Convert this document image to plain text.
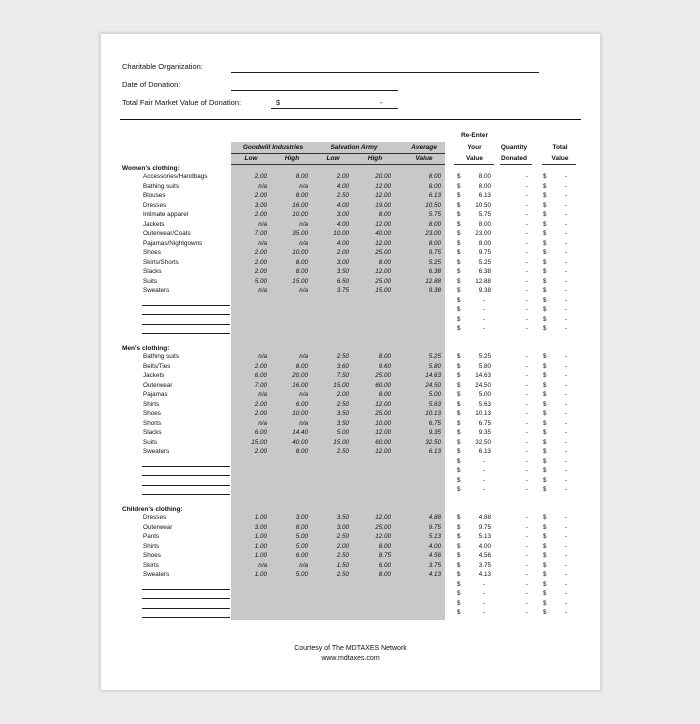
Charitable Organization:
Date of Donation:
Total Fair Market Value of Donation:	$	-
Goodwill Industries	Salvation Army	Average
Low	High	Low	High	Value
Re-Enter
Your
Value
Quantity
Donated
Total
Value
Women's clothing:
Accessories/Handbags	2.00	8.00	2.00	20.00	8.00	$	8.00	- $	-
Bathing suits	n/a	n/a	4.00	12.00	8.00	$	8.00	- $	-
Blouses	2.00	8.00	2.50	12.00	6.13	$	6.13	- $	-
Dresses	3.00	16.00	4.00	19.00	10.50	$	10.50	- $	-
Intimate apparel	2.00	10.00	3.00	8.00	5.75	$	5.75	- $	-
Jackets	n/a	n/a	4.00	12.00	8.00	$	8.00	- $	-
Outerwear/Coats	7.00	35.00	10.00	40.00	23.00	$	23.00	- $	-
Pajamas/Nightgowns	n/a	n/a	4.00	12.00	8.00	$	8.00	- $	-
Shoes	2.00	10.00	2.00	25.00	9.75	$	9.75	- $	-
Skirts/Shorts	2.00	8.00	3.00	8.00	5.25	$	5.25	- $	-
Slacks	2.00	8.00	3.50	12.00	6.38	$	6.38	- $	-
Suits	5.00	15.00	6.50	25.00	12.88	$	12.88	- $	-
Sweaters	n/a	n/a	3.75	15.00	9.38	$	9.38	- $	-
$	-	- $	-
$	-	- $	-
$	-	- $	-
$	-	- $	-
Men's clothing:
Bathing suits	n/a	n/a	2.50	8.00	5.25	$	5.25	- $	-
Belts/Ties	2.00	8.00	3.60	9.60	5.80	$	5.80	- $	-
Jackets	6.00	20.00	7.50	25.00	14.63	$	14.63	- $	-
Outerwear	7.00	16.00	15.00	60.00	24.50	$	24.50	- $	-
Pajamas	n/a	n/a	2.00	8.00	5.00	$	5.00	- $	-
Shirts	2.00	6.00	2.50	12.00	5.63	$	5.63	- $	-
Shoes	2.00	10.00	3.50	25.00	10.13	$	10.13	- $	-
Shorts	n/a	n/a	3.50	10.00	6.75	$	6.75	- $	-
Slacks	6.00	14.40	5.00	12.00	9.35	$	9.35	- $	-
Suits	15.00	40.00	15.00	60.00	32.50	$	32.50	- $	-
Sweaters	2.00	8.00	2.50	12.00	6.13	$	6.13	- $	-
$	-	- $	-
$	-	- $	-
$	-	- $	-
$	-	- $	-
Children's clothing:
Dresses	1.00	3.00	3.50	12.00	4.88	$	4.88	- $	-
Outerwear	3.00	8.00	3.00	25.00	9.75	$	9.75	- $	-
Pants	1.00	5.00	2.50	12.00	5.13	$	5.13	- $	-
Shirts	1.00	5.00	2.00	8.00	4.00	$	4.00	- $	-
Shoes	1.00	6.00	2.50	8.75	4.56	$	4.56	- $	-
Skirts	n/a	n/a	1.50	6.00	3.75	$	3.75	- $	-
Sweaters	1.00	5.00	2.50	8.00	4.13	$	4.13	- $	-
$	-	- $	-
$	-	- $	-
$	-	- $	-
$	-	- $	-
Courtesy of The MDTAXES Network
www.mdtaxes.com
